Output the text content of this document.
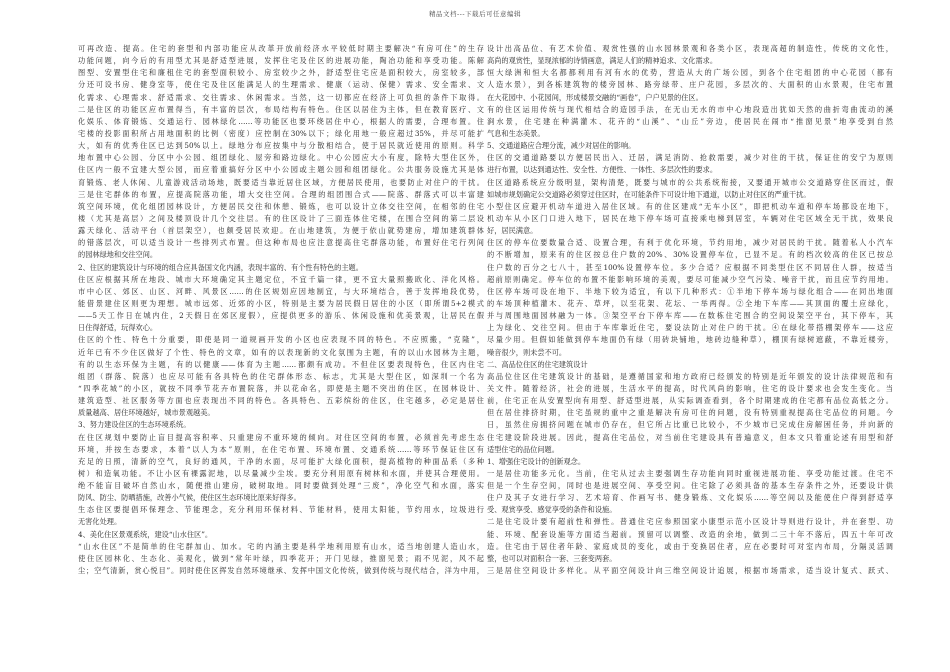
精品文档---下载后可任意编辑
可再改造、提高。住宅的套型和内部功能应从改革开放前经济水平较低时期主要解决“有房可住”的生存
功能问题，向今后的有用型尤其是舒适型进展，发挥住宅及住区的进展功能，陶冶功能和享受功能。陈解
图型、安置型住宅和廉租住宅的套型面积较小、房室较少之外，舒适型住宅应是面积较大，房室较多，部
分还可设书房、健身室等，使住宅及住区能满足人的生理需求、健康（运动、保健）需求、安全需求、文
化需求、心理需求、舒适需求、交往需求、休闲需求。当然，这一切都应在经济上可负担的条件下取得。
二是住区的功能区应布置得当，有丰富的层次，布局结构有特色。住区以居住为主体，但在教育医疗、文
化娱乐、体育锻炼、交通运行、园林绿化……等功能区也要环绕居住中心，根据人的需要，合理布置。住
宅楼的投影面积所占用地面积的比例（密度）应控制在30%以下；绿化用地一般应超过35%，并尽可能扩
大，如有的优秀住区已达到50%以上。绿地分布应按集中与分散相结合，使于居民就近使用的原则。科学
地布置中心公园、分区中小公园、组团绿化、屋旁和路边绿化。中心公园应大小有度，除特大型住区外，
住区内一般不宜建大型公园，而应着重搞好分区中小公园或主题公园和组团绿化。公共服务设施尤其是体
育锻炼、老人休闲、儿童游戏活动场地，既要适当靠近居住区域，方便居民使用，也要防止对住户的干扰。
三是住宅群体的布置，应提高院落功能，增大交往空间。合理的组团围合式——院落、群落式可以丰富建
筑空间环境，优化组团园林设计，方便居民交往和休憩、锻炼，也可以设计立体交往空间，在相邻的住宅
楼（尤其是高层）之间及楼顶设计几个交往层。有的住区设计了三面连体住宅楼，在围合空间的第二层设
露天绿化、活动平台（首层架空），也颇受居民欢迎。在山地建筑，为便于依山就势建房，增加建筑群体
的错落层次，可以适当设计一些排列式布置。但这种布局也应注意提高住宅群落功能，布置好住宅行列间
的园林绿地和交往空间。
2、住区的建筑设计与环境的组合应具备国文化内涵，表现丰富的、有个性有特色的主题。
住区应根据其所在地段、城市大环境确定其主题定位，不宜千篇一律，更不宜大量照搬欧化、洋化风格。
市中心区、郊区、山区、河畔、风景区……的住区规划应因地制宜，与大环境结合，善于发挥地段优势，
能借景建住区则更为理想。城市远郊、近郊的小区，特别是主要为居民假日居住的小区（即所谓5+2模式
——5天工作日在城内住，2天假日在郊区度假），应提供更多的游乐、休闲设施和优美景观，让居民在假
日住得舒适，玩得欢心。
住区的个性、特色十分重要，即使是同一道规画开发的小区也应表现不同的特色。不应照搬，“克隆”，
近年已有不少住区做好了个性、特色的文章，如有的以表现新的文化氛围为主题，有的以山水园林为主题，
有的以生态环保为主题，有的以健康——体育为主题……都颇有成功。不但住区要表现特色，住区内住宅
组团（群落、院落）也应尽可能有各具特色的住宅群体形态、标志，尤其是大型住区，如深圳一个名为
“四季花城”的小区，就按不同季节花卉布置院落，并以花命名，即使是主题不突出的住区，在园林设计、
建筑造型、社区服务等方面也应表现出不同的特色。各具特色、五彩缤纷的住区，住宅越多，必定是居住
质量越高、居住环境越好，城市景观越美。
3、努力建设住区的生态环境系统。
在住区规划中要防止盲目提高容积率、只重建房不重环境的倾向。对住区空间的布置，必须首先考虑生态
环境，并按生态要求，本着“以人为本”原则，在住宅布置、环境布置、交通系统……等环节保证住区有
充足的日照，清新的空气，良好的通风，干净的水面，尽可能扩大绿化面积，提高植物的种面品系（多种
树）和造氧功能。不让小区有裸露泥地，以尽量减少尘埃。要充分利用原有树林和水面，并使其合理使用。
绝不能盲目破坏自然山水，随便推山建房，破树取地。同时要做到处理“三废”，净化空气和水面，落实
防风、防尘、防晒措施，改善小气候，使住区生态环境比原来好得多。
生态住区要提倡环保理念、节能理念，充分利用环保材料、节能材料，使用太阳能，节约用水，垃圾进行
无害化处理。
4、美化住区景观系统，建设“山水住区”。
“山水住区”不是简单的住宅群加山、加水。宅的内涵主要是科学地利用原有山水，适当地创建人造山水，
使住区园林化、生态化、美观化，做到“常年叶绿，四季花开；开门见绿，推窗见景；雨不见泥，风不起
尘；空气清新，赏心悦目”。同时使住区挥发自然环境继承、发挥中国文化传统，做到传统与现代结合，洋为中用，
设计出高品位、有艺术价值、观赏性强的山水园林景观和各类小区，表现高超的制造性，传统的文化性，
高尚的观赏性，显现浓郁的诗情画意，满足人们的精神追求、文化需求。
恒大绿洲和恒大名都都利用有河有水的优势，营造从大的广场公园，到各个住宅组团的中心花园（都有
人造水景），到各栋建筑物的楼旁园林、路旁绿带、庄户花园，多层次的、大面积的山水景观，住宅布置
在大花园中、小花园间，形成楼景交融的“画卷”，户户见景的住区。
有的住区运用传统与现代相结合的造园手法，在无山无水的市中心地段造出犹如天然的曲折弯曲流动的溪
涧水景，住宅建在种满灌木、花卉的“山溪”、“山丘”旁边，使居民在闹市“推窗见景”地享受到自然
气息和生态美景。
5、交通道路应合理分流，减少对居住的影响。
住区的交通道路要以方便居民出入、迁居，满足消防、抢救需要，减少对住的干扰，保证住的安宁为原则
进行布置，以达到通达性、安全性、方便性、一体性、多层次性的要求。
住区道路系统应分级明显，架构清楚，既要与城市的公共系统衔接，又要通开城市公交道路穿住区而过，假
如城市规划确定公交道路必须穿过住区时，在可能条件下可设计地下通道，以防止对住区的严重干扰。
小型住区应避开机动车道进入居住区域。有的住区建成“无车小区”，即把机动车道和停车场都设在地下，
机动车从小区门口进入地下，居民在地下停车场可直接乘电梯到居室，车辆对住宅区域全无干扰，效果良
好，居民满意。
住区的停车位要数量合适、设置合理，有利于优化环境，节约用地，减少对居民的干扰。随着私人小汽车
的不断增加，原来有的住区按总住户数的20%、30%设置停车位，已显不足。有的档次较高的住区已按总
住户数的百分之七八十，甚至100%设置停车位。多少合适？应根据不同类型住区不同居住人群，按适当
超前原则确定。停车位的布置不能影响环境的美观，要尽可能减少空气污染、噪音干扰，而且应节约用地。
住区停车场可设在地下、半地下较为适宜，有以下几种形式：①半地下停车场与绿化组合——在同出地面
的车场顶种植灌木、花卉、草坪，以至花架、花坛、一举两得。②全地下车库——其顶面的覆土应绿化，
并与周围地面园林融为一体。③架空平台下停车库——在数栋住宅围合的空间设架空平台，其下停车，其
上为绿化、交往空间。但由于车库靠近住宅，要设法防止对住户的干扰。④在绿化带搭棚架停车——这应
尽量少用。但假如能做到停车地面仍有绿（用砖块铺地，地砖边缝种草），棚顶有绿树遮蔽，不靠近楼旁，
噪音很少，则未尝不可。
二、高品位住区的住宅建筑设计
高品位住区住宅建筑设计的基础，是遵循国家和地方政府已经颁发的特别是近年颁发的设计法律规范和有
关文件。随着经济，社会的进展，生活水平的提高，时代风尚的影响，住宅的设计要求也会发生变化。当
前，住宅正在从安置型向有用型、舒适型进展，从实际调查看到，各个时期建成的住宅都有品位高低之分。
但在居住排挤时期，住宅虽规的重中之重是解决有房可住的问题，没有特别重视提高住宅品位的问题。今
日，虽然住房拥挤问题在城市仍存在，但它所占比重已比较小，不少城市已完成住房解困任务，并向新的
住宅建设阶段进展。因此，提高住宅品位，对当前住宅建设具有普遍意义，但本文只着重论述有用型和舒
适型住宅的品位问题。
1、增强住宅设计的创新观念。
一是居住功能多元化。当前，住宅从过去主要强调生存功能向同时重视进展功能、享受功能过渡。住宅不
但是一个生存空间，同时也是进展空间、享受空间。住宅除了必须具备的基本生存条件之外，还要设计供
住户及其子女进行学习、艺术培育、作画写书、健身锻炼、文化娱乐……等空间以及能使住户得到舒适享
受、观赏享受、感觉享受的条件和设施。
二是住宅设计要有超前性和弹性。普通住宅应参照国家小康型示范小区设计导则进行设计，并在套型、功
能、环境、配套设施等方面适当超前。预留可以调整、改造的余地，做到二三十年不落后，四五十年可改
造。住宅由于居住者年龄、家庭成员的变化，或由于变换居住者，应在必要时可对室内布局，分隔灵活调
整，也可以对面积合一套、三套变两套。
三是居住空间设计多样化。从平面空间设计向三维空间设计追展，根据市场需求，适当设计复式、跃式、
